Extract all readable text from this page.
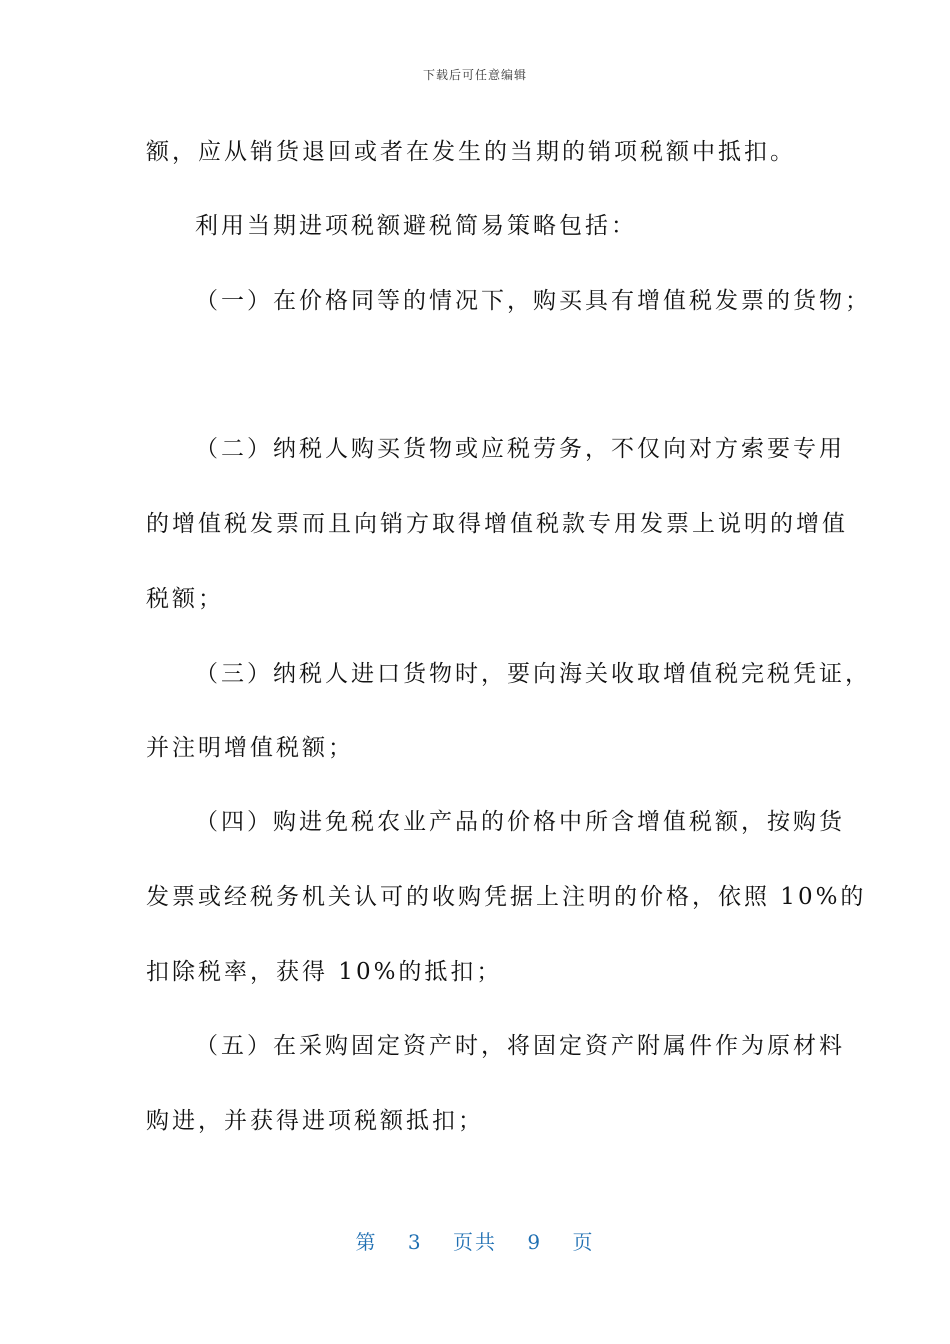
下载后可任意编辑
额，应从销货退回或者在发生的当期的销项税额中抵扣。
利用当期进项税额避税简易策略包括：
（一）在价格同等的情况下，购买具有增值税发票的货物；
（二）纳税人购买货物或应税劳务，不仅向对方索要专用
的增值税发票而且向销方取得增值税款专用发票上说明的增值
税额；
（三）纳税人进口货物时，要向海关收取增值税完税凭证，
并注明增值税额；
（四）购进免税农业产品的价格中所含增值税额，按购货
发票或经税务机关认可的收购凭据上注明的价格，依照 10%的
扣除税率，获得 10%的抵扣；
（五）在采购固定资产时，将固定资产附属件作为原材料
购进，并获得进项税额抵扣；
第 3 页共 9 页
